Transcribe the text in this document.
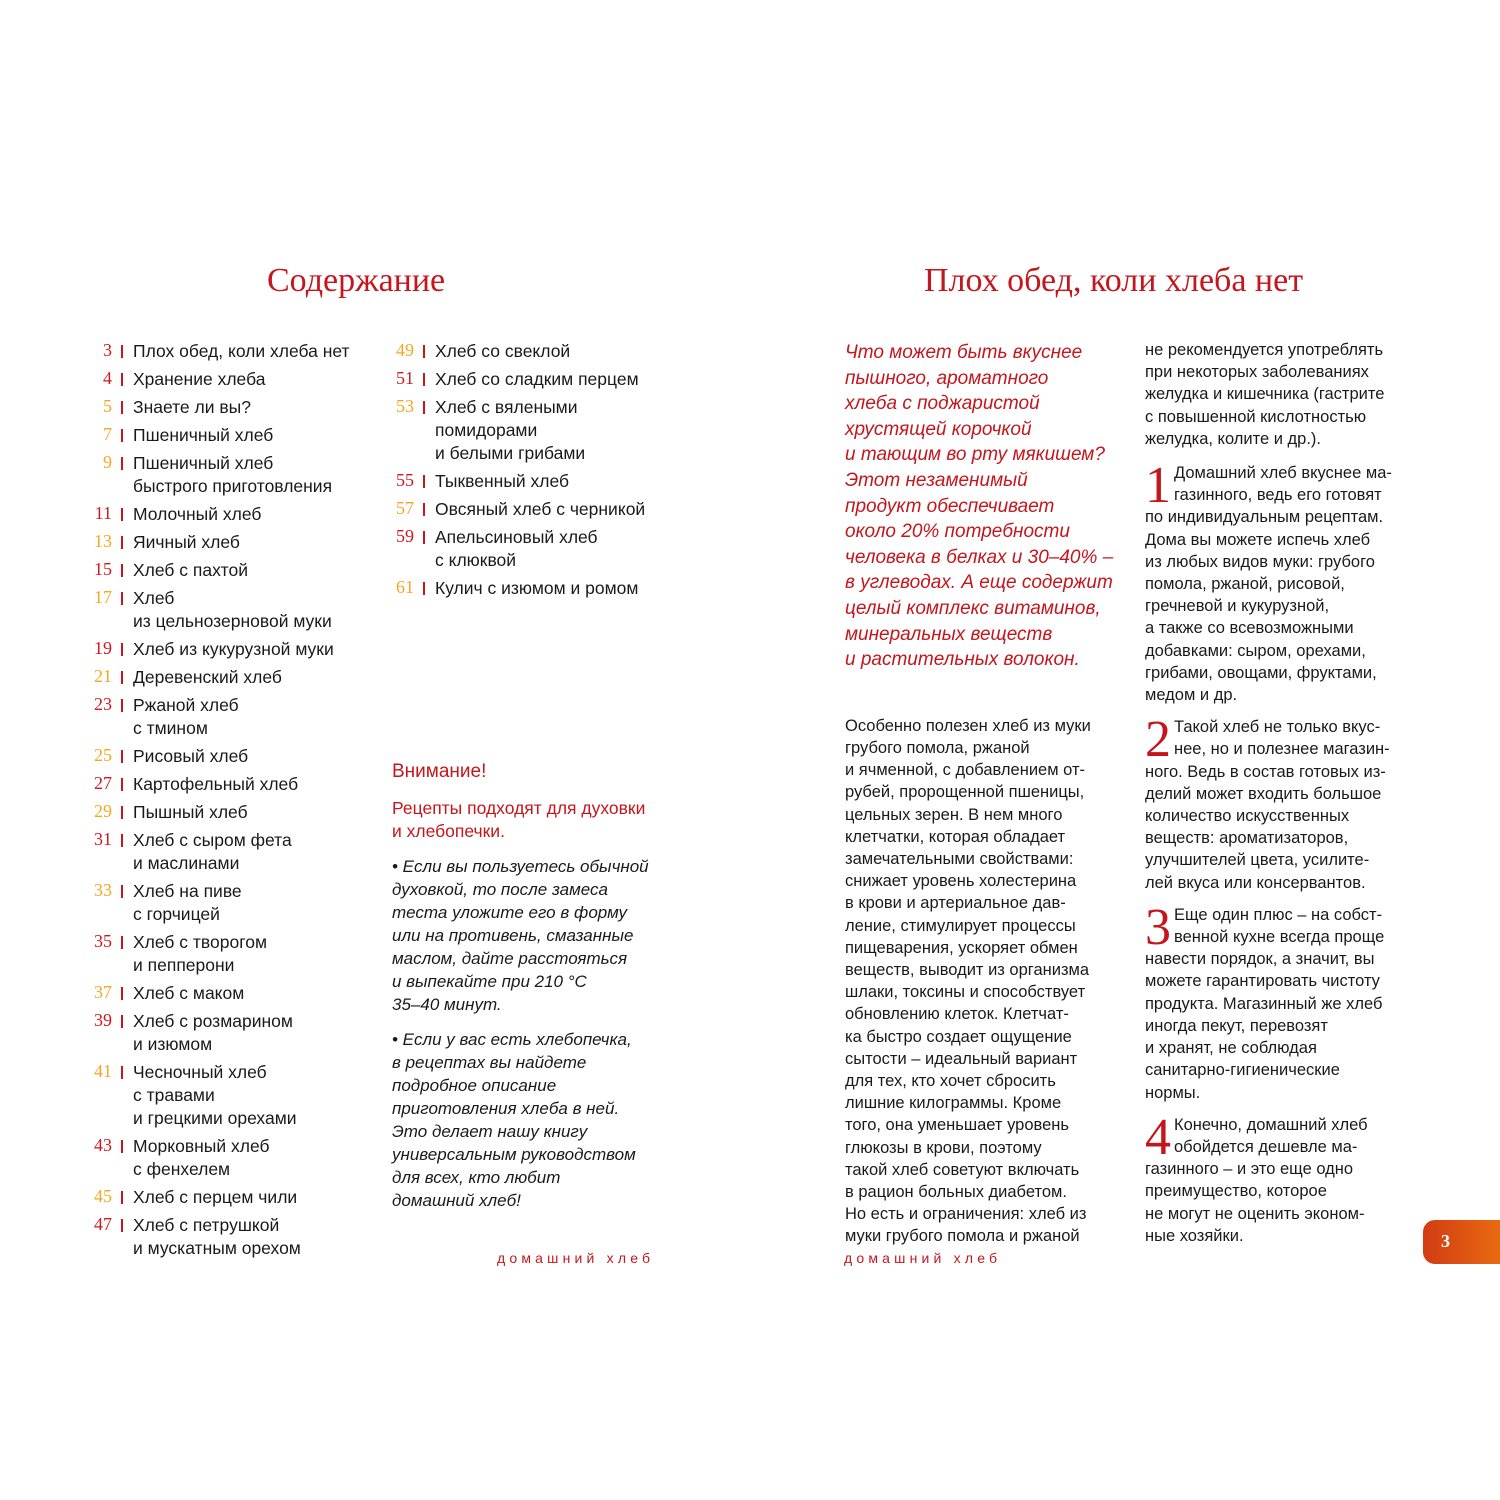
Содержание
3 Плох обед, коли хлеба нет
4 Хранение хлеба
5 Знаете ли вы?
7 Пшеничный хлеб
9 Пшеничный хлеб
быстрого приготовления
11 Молочный хлеб
13 Яичный хлеб
15 Хлеб с пахтой
17 Хлеб
из цельнозерновой муки
19 Хлеб из кукурузной муки
21 Деревенский хлеб
23 Ржаной хлеб
с тмином
25 Рисовый хлеб
27 Картофельный хлеб
29 Пышный хлеб
31 Хлеб с сыром фета
и маслинами
33 Хлеб на пиве
с горчицей
35 Хлеб с творогом
и пепперони
37 Хлеб с маком
39 Хлеб с розмарином
и изюмом
41 Чесночный хлеб
с травами
и грецкими орехами
43 Морковный хлеб
с фенхелем
45 Хлеб с перцем чили
47 Хлеб с петрушкой
и мускатным орехом
49 Хлеб со свеклой
51 Хлеб со сладким перцем
53 Хлеб с вялеными
помидорами
и белыми грибами
55 Тыквенный хлеб
57 Овсяный хлеб с черникой
59 Апельсиновый хлеб
с клюквой
61 Кулич с изюмом и ромом
Внимание!
Рецепты подходят для духовки
и хлебопечки.
• Если вы пользуетесь обычной
духовкой, то после замеса
теста уложите его в форму
или на противень, смазанные
маслом, дайте расстояться
и выпекайте при 210 °C
35–40 минут.
• Если у вас есть хлебопечка,
в рецептах вы найдете
подробное описание
приготовления хлеба в ней.
Это делает нашу книгу
универсальным руководством
для всех, кто любит
домашний хлеб!

домашний хлеб

Плох обед, коли хлеба нет

Что может быть вкуснее
пышного, ароматного
хлеба с поджаристой
хрустящей корочкой
и тающим во рту мякишем?
Этот незаменимый
продукт обеспечивает
около 20% потребности
человека в белках и 30–40% –
в углеводах. А еще содержит
целый комплекс витаминов,
минеральных веществ
и растительных волокон.

Особенно полезен хлеб из муки
грубого помола, ржаной
и ячменной, с добавлением от-
рубей, пророщенной пшеницы,
цельных зерен. В нем много
клетчатки, которая обладает
замечательными свойствами:
снижает уровень холестерина
в крови и артериальное дав-
ление, стимулирует процессы
пищеварения, ускоряет обмен
веществ, выводит из организма
шлаки, токсины и способствует
обновлению клеток. Клетчат-
ка быстро создает ощущение
сытости – идеальный вариант
для тех, кто хочет сбросить
лишние килограммы. Кроме
того, она уменьшает уровень
глюкозы в крови, поэтому
такой хлеб советуют включать
в рацион больных диабетом.
Но есть и ограничения: хлеб из
муки грубого помола и ржаной

не рекомендуется употреблять
при некоторых заболеваниях
желудка и кишечника (гастрите
с повышенной кислотностью
желудка, колите и др.).

1 Домашний хлеб вкуснее ма-
газинного, ведь его готовят
по индивидуальным рецептам.
Дома вы можете испечь хлеб
из любых видов муки: грубого
помола, ржаной, рисовой,
гречневой и кукурузной,
а также со всевозможными
добавками: сыром, орехами,
грибами, овощами, фруктами,
медом и др.
2 Такой хлеб не только вкус-
нее, но и полезнее магазин-
ного. Ведь в состав готовых из-
делий может входить большое
количество искусственных
веществ: ароматизаторов,
улучшителей цвета, усилите-
лей вкуса или консервантов.
3 Еще один плюс – на собст-
венной кухне всегда проще
навести порядок, а значит, вы
можете гарантировать чистоту
продукта. Магазинный же хлеб
иногда пекут, перевозят
и хранят, не соблюдая
санитарно-гигиенические
нормы.
4 Конечно, домашний хлеб
обойдется дешевле ма-
газинного – и это еще одно
преимущество, которое
не могут не оценить эконом-
ные хозяйки.

домашний хлеб

3
